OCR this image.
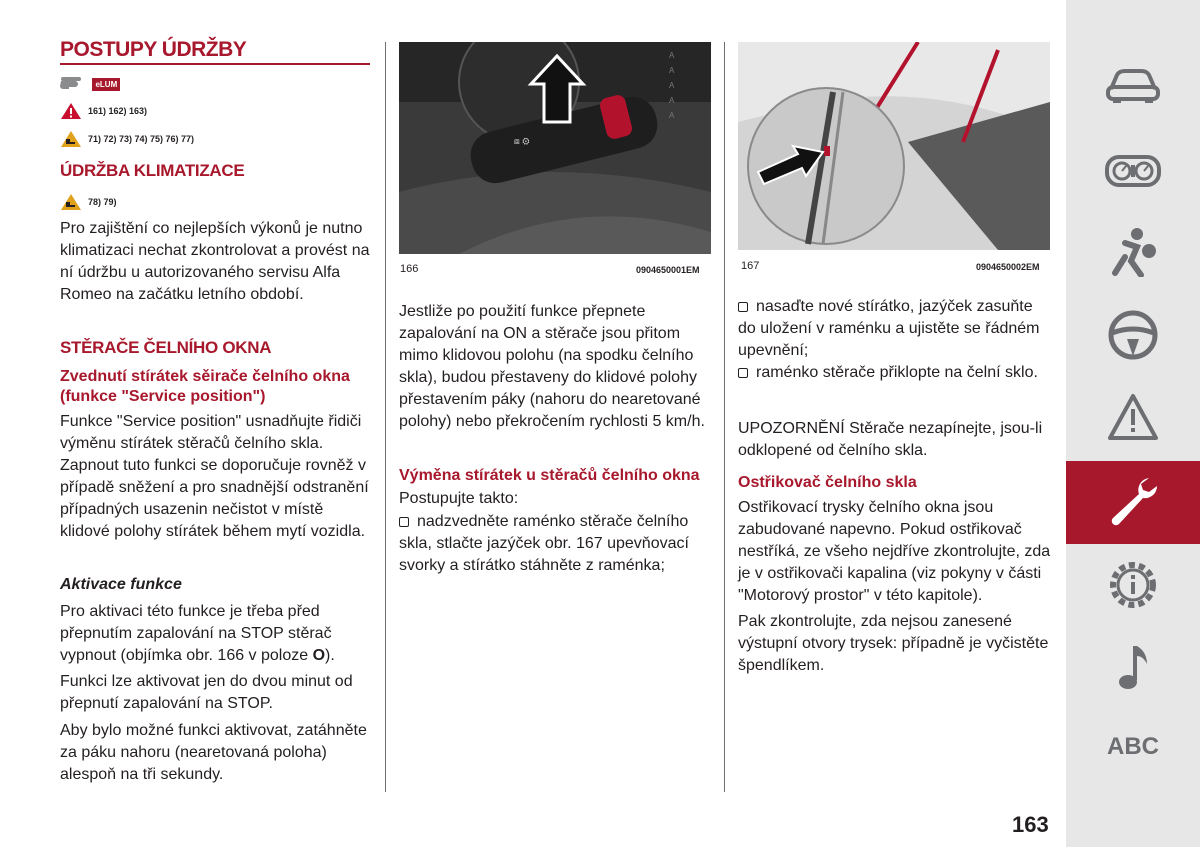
POSTUPY ÚDRŽBY
eLUM
161) 162) 163)
71) 72) 73) 74) 75) 76) 77)
ÚDRŽBA KLIMATIZACE
78) 79)
Pro zajištění co nejlepších výkonů je nutno klimatizaci nechat zkontrolovat a provést na ní údržbu u autorizovaného servisu Alfa Romeo na začátku letního období.
STĚRAČE ČELNÍHO OKNA
Zvednutí stírátek sěirače čelního okna (funkce "Service position")
Funkce "Service position" usnadňujte řidiči výměnu stírátek stěračů čelního skla. Zapnout tuto funkci se doporučuje rovněž v případě sněžení a pro snadnější odstranění případných usazenin nečistot v místě klidové polohy stírátek během mytí vozidla.
Aktivace funkce
Pro aktivaci této funkce je třeba před přepnutím zapalování na STOP stěrač vypnout (objímka obr. 166 v poloze O).
Funkci lze aktivovat jen do dvou minut od přepnutí zapalování na STOP.
Aby bylo možné funkci aktivovat, zatáhněte za páku nahoru (nearetovaná poloha) alespoň na tři sekundy.
⧈ ⚙
A
A
A
A
A
166	0904650001EM
Jestliže po použití funkce přepnete zapalování na ON a stěrače jsou přitom mimo klidovou polohu (na spodku čelního skla), budou přestaveny do klidové polohy přestavením páky (nahoru do nearetované polohy) nebo překročením rychlosti 5 km/h.
Výměna stírátek u stěračů čelního okna
Postupujte takto:
nadzvedněte raménko stěrače čelního skla, stlačte jazýček obr. 167 upevňovací svorky a stírátko stáhněte z raménka;
167	0904650002EM
nasaďte nové stírátko, jazýček zasuňte do uložení v raménku a ujistěte se řádném upevnění;
raménko stěrače přiklopte na čelní sklo.
UPOZORNĚNÍ Stěrače nezapínejte, jsou-li odklopené od čelního skla.
Ostřikovač čelního skla
Ostřikovací trysky čelního okna jsou zabudované napevno. Pokud ostřikovač nestříká, ze všeho nejdříve zkontrolujte, zda je v ostřikovači kapalina (viz pokyny v části "Motorový prostor" v této kapitole).
Pak zkontrolujte, zda nejsou zanesené výstupní otvory trysek: případně je vyčistěte špendlíkem.
163
ABC
